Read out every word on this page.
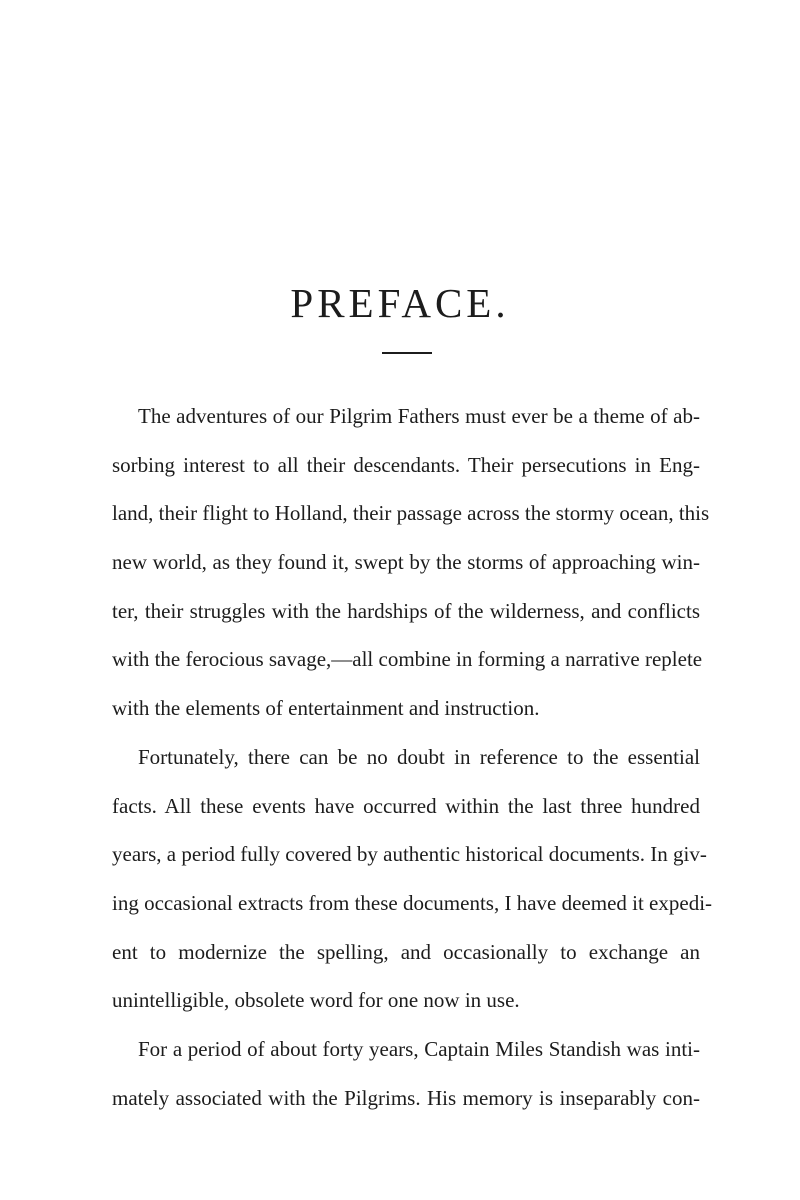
PREFACE.
The adventures of our Pilgrim Fathers must ever be a theme of ab-
sorbing interest to all their descendants. Their persecutions in Eng-
land, their flight to Holland, their passage across the stormy ocean, this
new world, as they found it, swept by the storms of approaching win-
ter, their struggles with the hardships of the wilderness, and conflicts
with the ferocious savage,—all combine in forming a narrative replete
with the elements of entertainment and instruction.
Fortunately, there can be no doubt in reference to the essential
facts. All these events have occurred within the last three hundred
years, a period fully covered by authentic historical documents. In giv-
ing occasional extracts from these documents, I have deemed it expedi-
ent to modernize the spelling, and occasionally to exchange an
unintelligible, obsolete word for one now in use.
For a period of about forty years, Captain Miles Standish was inti-
mately associated with the Pilgrims. His memory is inseparably con-
